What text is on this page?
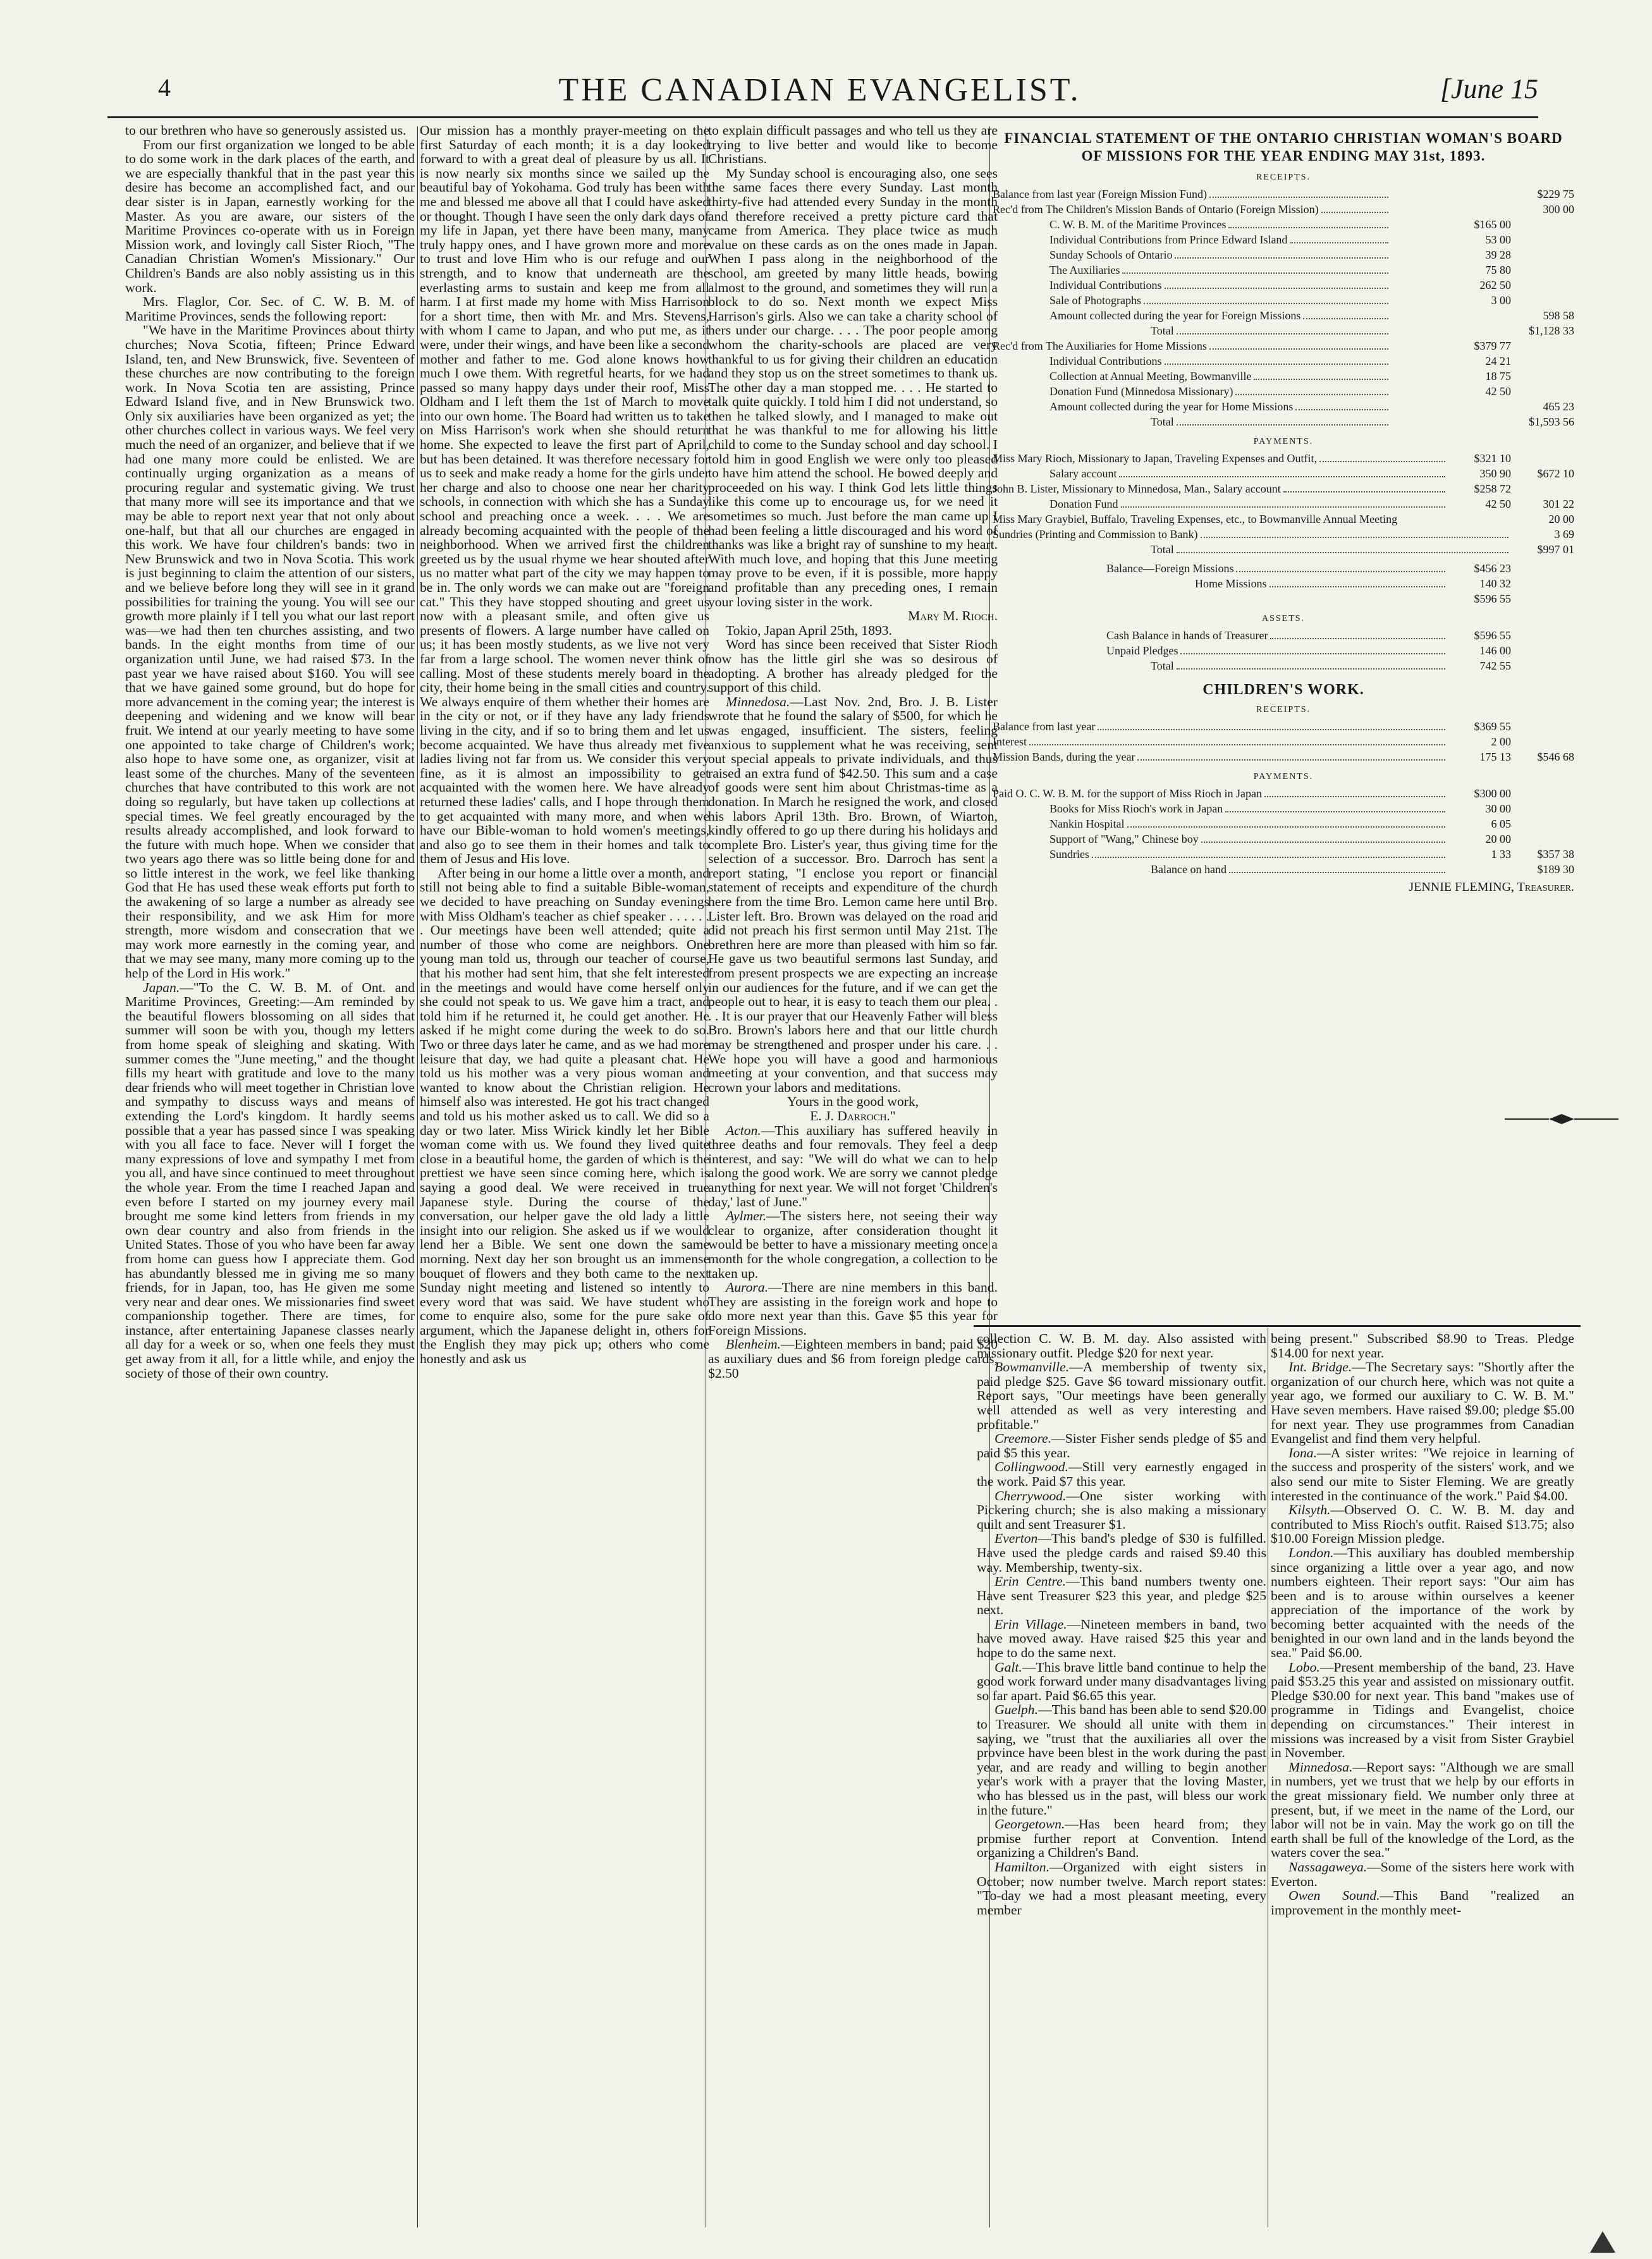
4	THE CANADIAN EVANGELIST.	[June 15

to our brethren who have so generously assisted us.

From our first organization we longed to be able to do some work in the dark places of the earth, and we are especially thankful that in the past year this desire has become an accomplished fact, and our dear sister is in Japan, earnestly working for the Master. As you are aware, our sisters of the Maritime Provinces co-operate with us in Foreign Mission work, and lovingly call Sister Rioch, "The Canadian Christian Women's Missionary." Our Children's Bands are also nobly assisting us in this work.

Mrs. Flaglor, Cor. Sec. of C. W. B. M. of Maritime Provinces, sends the following report:

"We have in the Maritime Provinces about thirty churches; Nova Scotia, fifteen; Prince Edward Island, ten, and New Brunswick, five. Seventeen of these churches are now contributing to the foreign work. In Nova Scotia ten are assisting, Prince Edward Island five, and in New Brunswick two. Only six auxiliaries have been organized as yet; the other churches collect in various ways. We feel very much the need of an organizer, and believe that if we had one many more could be enlisted. We are continually urging organization as a means of procuring regular and systematic giving. We trust that many more will see its importance and that we may be able to report next year that not only about one-half, but that all our churches are engaged in this work. We have four children's bands: two in New Brunswick and two in Nova Scotia. This work is just beginning to claim the attention of our sisters, and we believe before long they will see in it grand possibilities for training the young. You will see our growth more plainly if I tell you what our last report was—we had then ten churches assisting, and two bands. In the eight months from time of our organization until June, we had raised $73. In the past year we have raised about $160. You will see that we have gained some ground, but do hope for more advancement in the coming year; the interest is deepening and widening and we know will bear fruit. We intend at our yearly meeting to have some one appointed to take charge of Children's work; also hope to have some one, as organizer, visit at least some of the churches. Many of the seventeen churches that have contributed to this work are not doing so regularly, but have taken up collections at special times. We feel greatly encouraged by the results already accomplished, and look forward to the future with much hope. When we consider that two years ago there was so little being done for and so little interest in the work, we feel like thanking God that He has used these weak efforts put forth to the awakening of so large a number as already see their responsibility, and we ask Him for more strength, more wisdom and consecration that we may work more earnestly in the coming year, and that we may see many, many more coming up to the help of the Lord in His work."

Japan.—"To the C. W. B. M. of Ont. and Maritime Provinces, Greeting:—Am reminded by the beautiful flowers blossoming on all sides that summer will soon be with you, though my letters from home speak of sleighing and skating. With summer comes the "June meeting," and the thought fills my heart with gratitude and love to the many dear friends who will meet together in Christian love and sympathy to discuss ways and means of extending the Lord's kingdom. It hardly seems possible that a year has passed since I was speaking with you all face to face. Never will I forget the many expressions of love and sympathy I met from you all, and have since continued to meet throughout the whole year. From the time I reached Japan and even before I started on my journey every mail brought me some kind letters from friends in my own dear country and also from friends in the United States. Those of you who have been far away from home can guess how I appreciate them. God has abundantly blessed me in giving me so many friends, for in Japan, too, has He given me some very near and dear ones. We missionaries find sweet companionship together. There are times, for instance, after entertaining Japanese classes nearly all day for a week or so, when one feels they must get away from it all, for a little while, and enjoy the society of those of their own country.

Our mission has a monthly prayer-meeting on the first Saturday of each month; it is a day looked forward to with a great deal of pleasure by us all. It is now nearly six months since we sailed up the beautiful bay of Yokohama. God truly has been with me and blessed me above all that I could have asked or thought. Though I have seen the only dark days of my life in Japan, yet there have been many, many truly happy ones, and I have grown more and more to trust and love Him who is our refuge and our strength, and to know that underneath are the everlasting arms to sustain and keep me from all harm. I at first made my home with Miss Harrison for a short time, then with Mr. and Mrs. Stevens, with whom I came to Japan, and who put me, as it were, under their wings, and have been like a second mother and father to me. God alone knows how much I owe them. With regretful hearts, for we had passed so many happy days under their roof, Miss Oldham and I left them the 1st of March to move into our own home. The Board had written us to take on Miss Harrison's work when she should return home. She expected to leave the first part of April, but has been detained. It was therefore necessary for us to seek and make ready a home for the girls under her charge and also to choose one near her charity schools, in connection with which she has a Sunday school and preaching once a week. . . . We are already becoming acquainted with the people of the neighborhood. When we arrived first the children greeted us by the usual rhyme we hear shouted after us no matter what part of the city we may happen to be in. The only words we can make out are "foreign cat." This they have stopped shouting and greet us now with a pleasant smile, and often give us presents of flowers. A large number have called on us; it has been mostly students, as we live not very far from a large school. The women never think of calling. Most of these students merely board in the city, their home being in the small cities and country. We always enquire of them whether their homes are in the city or not, or if they have any lady friends living in the city, and if so to bring them and let us become acquainted. We have thus already met five ladies living not far from us. We consider this very fine, as it is almost an impossibility to get acquainted with the women here. We have already returned these ladies' calls, and I hope through them to get acquainted with many more, and when we have our Bible-woman to hold women's meetings, and also go to see them in their homes and talk to them of Jesus and His love.

After being in our home a little over a month, and still not being able to find a suitable Bible-woman, we decided to have preaching on Sunday evenings with Miss Oldham's teacher as chief speaker . . . . . . . Our meetings have been well attended; quite a number of those who come are neighbors. One young man told us, through our teacher of course, that his mother had sent him, that she felt interested in the meetings and would have come herself only she could not speak to us. We gave him a tract, and told him if he returned it, he could get another. He asked if he might come during the week to do so. Two or three days later he came, and as we had more leisure that day, we had quite a pleasant chat. He told us his mother was a very pious woman and wanted to know about the Christian religion. He himself also was interested. He got his tract changed and told us his mother asked us to call. We did so a day or two later. Miss Wirick kindly let her Bible woman come with us. We found they lived quite close in a beautiful home, the garden of which is the prettiest we have seen since coming here, which is saying a good deal. We were received in true Japanese style. During the course of the conversation, our helper gave the old lady a little insight into our religion. She asked us if we would lend her a Bible. We sent one down the same morning. Next day her son brought us an immense bouquet of flowers and they both came to the next Sunday night meeting and listened so intently to every word that was said. We have student who come to enquire also, some for the pure sake of argument, which the Japanese delight in, others for the English they may pick up; others who come honestly and ask us

to explain difficult passages and who tell us they are trying to live better and would like to become Christians.

My Sunday school is encouraging also, one sees the same faces there every Sunday. Last month thirty-five had attended every Sunday in the month and therefore received a pretty picture card that came from America. They place twice as much value on these cards as on the ones made in Japan. When I pass along in the neighborhood of the school, am greeted by many little heads, bowing almost to the ground, and sometimes they will run a block to do so. Next month we expect Miss Harrison's girls. Also we can take a charity school of hers under our charge. . . . The poor people among whom the charity-schools are placed are very thankful to us for giving their children an education and they stop us on the street sometimes to thank us. The other day a man stopped me. . . . He started to talk quite quickly. I told him I did not understand, so then he talked slowly, and I managed to make out that he was thankful to me for allowing his little child to come to the Sunday school and day school. I told him in good English we were only too pleased to have him attend the school. He bowed deeply and proceeded on his way. I think God lets little things like this come up to encourage us, for we need it sometimes so much. Just before the man came up I had been feeling a little discouraged and his word of thanks was like a bright ray of sunshine to my heart. With much love, and hoping that this June meeting may prove to be even, if it is possible, more happy and profitable than any preceding ones, I remain your loving sister in the work.

Mary M. Rioch.

Tokio, Japan April 25th, 1893.

Word has since been received that Sister Rioch now has the little girl she was so desirous of adopting. A brother has already pledged for the support of this child.

Minnedosa.—Last Nov. 2nd, Bro. J. B. Lister wrote that he found the salary of $500, for which he was engaged, insufficient. The sisters, feeling anxious to supplement what he was receiving, sent out special appeals to private individuals, and thus raised an extra fund of $42.50. This sum and a case of goods were sent him about Christmas-time as a donation. In March he resigned the work, and closed his labors April 13th. Bro. Brown, of Wiarton, kindly offered to go up there during his holidays and complete Bro. Lister's year, thus giving time for the selection of a successor. Bro. Darroch has sent a report stating, "I enclose you report or financial statement of receipts and expenditure of the church here from the time Bro. Lemon came here until Bro. Lister left. Bro. Brown was delayed on the road and did not preach his first sermon until May 21st. The brethren here are more than pleased with him so far. He gave us two beautiful sermons last Sunday, and from present prospects we are expecting an increase in our audiences for the future, and if we can get the people out to hear, it is easy to teach them our plea. . . . It is our prayer that our Heavenly Father will bless Bro. Brown's labors here and that our little church may be strengthened and prosper under his care. . . We hope you will have a good and harmonious meeting at your convention, and that success may crown your labors and meditations.

Yours in the good work,
E. J. Darroch."

Acton.—This auxiliary has suffered heavily in three deaths and four removals. They feel a deep interest, and say: "We will do what we can to help along the good work. We are sorry we cannot pledge anything for next year. We will not forget 'Children's day,' last of June."

Aylmer.—The sisters here, not seeing their way clear to organize, after consideration thought it would be better to have a missionary meeting once a month for the whole congregation, a collection to be taken up.

Aurora.—There are nine members in this band. They are assisting in the foreign work and hope to do more next year than this. Gave $5 this year for Foreign Missions.

Blenheim.—Eighteen members in band; paid $20 as auxiliary dues and $6 from foreign pledge cards, $2.50

FINANCIAL STATEMENT OF THE ONTARIO CHRISTIAN WOMAN'S BOARD OF MISSIONS FOR THE YEAR ENDING MAY 31st, 1893.
RECEIPTS.
Balance from last year (Foreign Mission Fund)	$229 75
Rec'd from The Children's Mission Bands of Ontario (Foreign Mission)	300 00
C. W. B. M. of the Maritime Provinces	$165 00
Individual Contributions from Prince Edward Island	53 00
Sunday Schools of Ontario	39 28
The Auxiliaries	75 80
Individual Contributions	262 50
Sale of Photographs	3 00
Amount collected during the year for Foreign Missions	598 58
Total	$1,128 33
Rec'd from The Auxiliaries for Home Missions	$379 77
Individual Contributions	24 21
Collection at Annual Meeting, Bowmanville	18 75
Donation Fund (Minnedosa Missionary)	42 50
Amount collected during the year for Home Missions	465 23
Total	$1,593 56
PAYMENTS.
Miss Mary Rioch, Missionary to Japan, Traveling Expenses and Outfit,	$321 10
Salary account	350 90	$672 10
John B. Lister, Missionary to Minnedosa, Man., Salary account	$258 72
Donation Fund	42 50	301 22
Miss Mary Graybiel, Buffalo, Traveling Expenses, etc., to Bowmanville Annual Meeting	20 00
Sundries (Printing and Commission to Bank)	3 69
Total	$997 01
Balance—Foreign Missions	$456 23
Home Missions	140 32
$596 55
ASSETS.
Cash Balance in hands of Treasurer	$596 55
Unpaid Pledges	146 00
Total	742 55
CHILDREN'S WORK.
RECEIPTS.
Balance from last year	$369 55
Interest	2 00
Mission Bands, during the year	175 13	$546 68
PAYMENTS.
Paid O. C. W. B. M. for the support of Miss Rioch in Japan	$300 00
Books for Miss Rioch's work in Japan	30 00
Nankin Hospital	6 05
Support of "Wang," Chinese boy	20 00
Sundries	1 33	$357 38
Balance on hand	$189 30
JENNIE FLEMING, Treasurer.

collection C. W. B. M. day. Also assisted with missionary outfit. Pledge $20 for next year.

Bowmanville.—A membership of twenty six, paid pledge $25. Gave $6 toward missionary outfit. Report says, "Our meetings have been generally well attended as well as very interesting and profitable."

Creemore.—Sister Fisher sends pledge of $5 and paid $5 this year.

Collingwood.—Still very earnestly engaged in the work. Paid $7 this year.

Cherrywood.—One sister working with Pickering church; she is also making a missionary quilt and sent Treasurer $1.

Everton—This band's pledge of $30 is fulfilled. Have used the pledge cards and raised $9.40 this way. Membership, twenty-six.

Erin Centre.—This band numbers twenty one. Have sent Treasurer $23 this year, and pledge $25 next.

Erin Village.—Nineteen members in band, two have moved away. Have raised $25 this year and hope to do the same next.

Galt.—This brave little band continue to help the good work forward under many disadvantages living so far apart. Paid $6.65 this year.

Guelph.—This band has been able to send $20.00 to Treasurer. We should all unite with them in saying, we "trust that the auxiliaries all over the province have been blest in the work during the past year, and are ready and willing to begin another year's work with a prayer that the loving Master, who has blessed us in the past, will bless our work in the future."

Georgetown.—Has been heard from; they promise further report at Convention. Intend organizing a Children's Band.

Hamilton.—Organized with eight sisters in October; now number twelve. March report states: "To-day we had a most pleasant meeting, every member

being present." Subscribed $8.90 to Treas. Pledge $14.00 for next year.

Int. Bridge.—The Secretary says: "Shortly after the organization of our church here, which was not quite a year ago, we formed our auxiliary to C. W. B. M." Have seven members. Have raised $9.00; pledge $5.00 for next year. They use programmes from Canadian Evangelist and find them very helpful.

Iona.—A sister writes: "We rejoice in learning of the success and prosperity of the sisters' work, and we also send our mite to Sister Fleming. We are greatly interested in the continuance of the work." Paid $4.00.

Kilsyth.—Observed O. C. W. B. M. day and contributed to Miss Rioch's outfit. Raised $13.75; also $10.00 Foreign Mission pledge.

London.—This auxiliary has doubled membership since organizing a little over a year ago, and now numbers eighteen. Their report says: "Our aim has been and is to arouse within ourselves a keener appreciation of the importance of the work by becoming better acquainted with the needs of the benighted in our own land and in the lands beyond the sea." Paid $6.00.

Lobo.—Present membership of the band, 23. Have paid $53.25 this year and assisted on missionary outfit. Pledge $30.00 for next year. This band "makes use of programme in Tidings and Evangelist, choice depending on circumstances." Their interest in missions was increased by a visit from Sister Graybiel in November.

Minnedosa.—Report says: "Although we are small in numbers, yet we trust that we help by our efforts in the great missionary field. We number only three at present, but, if we meet in the name of the Lord, our labor will not be in vain. May the work go on till the earth shall be full of the knowledge of the Lord, as the waters cover the sea."

Nassagaweya.—Some of the sisters here work with Everton.

Owen Sound.—This Band "realized an improvement in the monthly meet-
